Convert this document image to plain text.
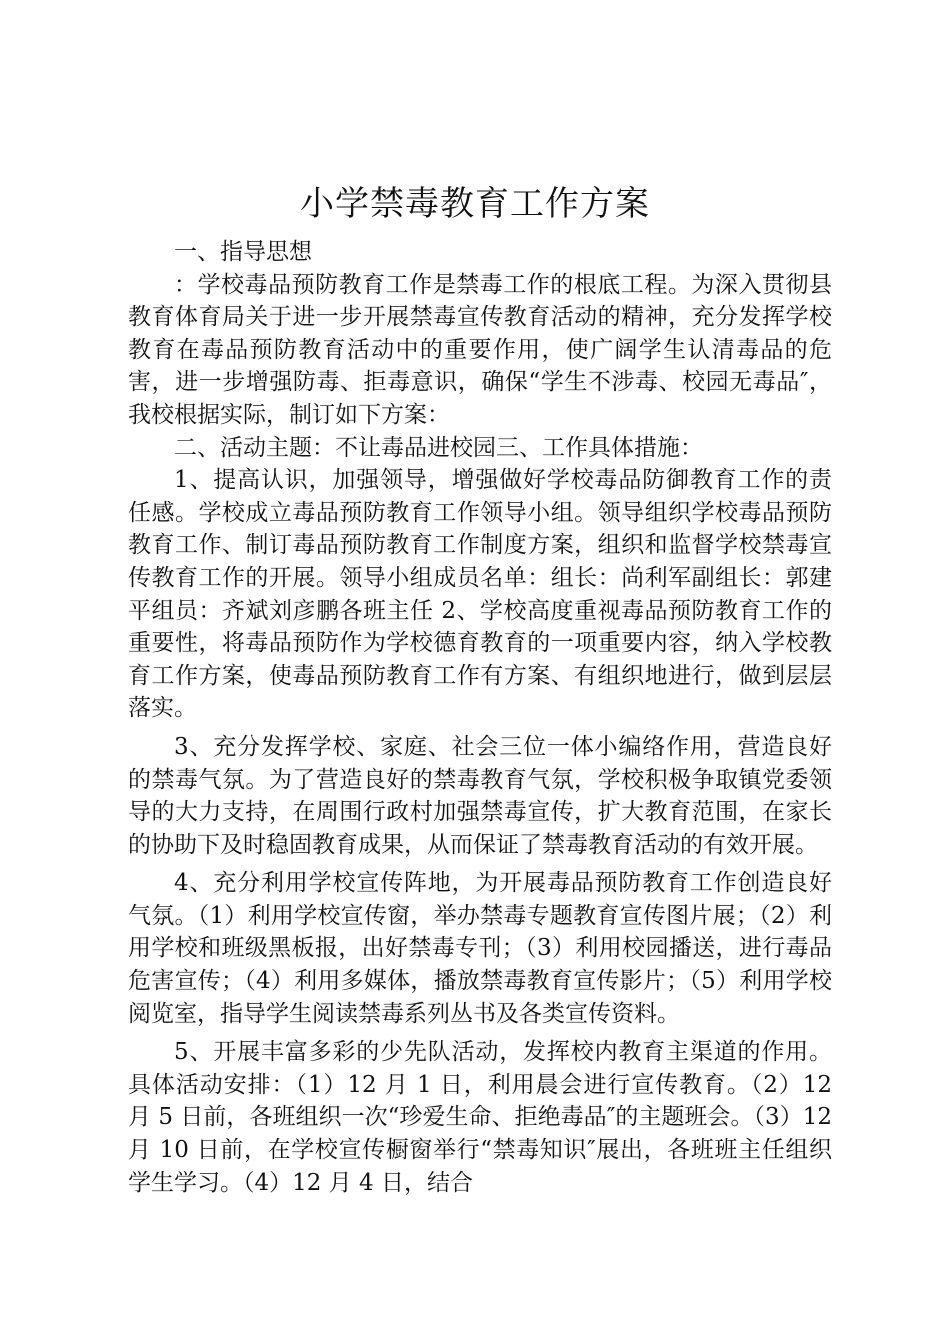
小学禁毒教育工作方案

一、指导思想

：学校毒品预防教育工作是禁毒工作的根底工程。为深入贯彻县教育体育局关于进一步开展禁毒宣传教育活动的精神，充分发挥学校教育在毒品预防教育活动中的重要作用，使广阔学生认清毒品的危害，进一步增强防毒、拒毒意识，确保“学生不涉毒、校园无毒品″，我校根据实际，制订如下方案：

二、活动主题：不让毒品进校园三、工作具体措施：

1、提高认识，加强领导，增强做好学校毒品防御教育工作的责任感。学校成立毒品预防教育工作领导小组。领导组织学校毒品预防教育工作、制订毒品预防教育工作制度方案，组织和监督学校禁毒宣传教育工作的开展。领导小组成员名单：组长：尚利军副组长：郭建平组员：齐斌刘彦鹏各班主任 2、学校高度重视毒品预防教育工作的重要性，将毒品预防作为学校德育教育的一项重要内容，纳入学校教育工作方案，使毒品预防教育工作有方案、有组织地进行，做到层层落实。

3、充分发挥学校、家庭、社会三位一体小编络作用，营造良好的禁毒气氛。为了营造良好的禁毒教育气氛，学校积极争取镇党委领导的大力支持，在周围行政村加强禁毒宣传，扩大教育范围，在家长的协助下及时稳固教育成果，从而保证了禁毒教育活动的有效开展。

4、充分利用学校宣传阵地，为开展毒品预防教育工作创造良好气氛。（1）利用学校宣传窗，举办禁毒专题教育宣传图片展；（2）利用学校和班级黑板报，出好禁毒专刊；（3）利用校园播送，进行毒品危害宣传；（4）利用多媒体，播放禁毒教育宣传影片；（5）利用学校阅览室，指导学生阅读禁毒系列丛书及各类宣传资料。

5、开展丰富多彩的少先队活动，发挥校内教育主渠道的作用。具体活动安排：（1）12 月 1 日，利用晨会进行宣传教育。（2）12 月 5 日前，各班组织一次“珍爱生命、拒绝毒品″的主题班会。（3）12 月 10 日前，在学校宣传橱窗举行“禁毒知识″展出，各班班主任组织学生学习。（4）12 月 4 日，结合
